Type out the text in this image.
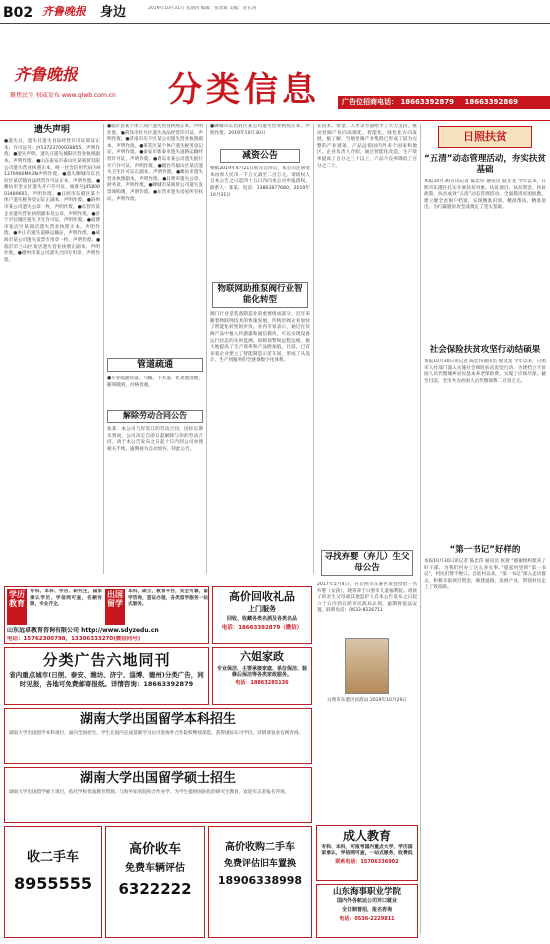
B02 齐鲁晚报 身边	2019年10月31日 星期四 编辑：张冰斌 美编：赵长涛
齐鲁晚报
聚焦民生 权威发布 www.qlwb.com.cn	分类信息	广告位招商电话： 18663392879 18663392869
遗失声明
●遗失日，遗失日遗失食品经营许可证原证正本，许可证号：JY13723700028855，声明作废。●遗失声明，遗失日遗失城阳区营业执照副本，声明作废。●山东泰安市泰山区某商贸有限公司遗失营业执照正本，统一社会信用代码为91370900MA3N声明作废。●遗失聊城市东昌府区某店铺食品经营许可证正本，声明作废。●潍坊市奎文区遗失开户许可证，核准号J4580003489601，声明作废。●日照市东港区某个体户遗失税务登记证正副本，声明作废。●滨州市某公司遗失公章一枚，声明作废。●东营市某企业遗失营业执照副本及公章，声明作废。●济宁市任城区遗失卫生许可证，声明作废。●淄博市张店区某商店遗失营业执照正本，声明作废。●枣庄市遗失道路运输证，声明作废。●威海市某公司遗失发票专用章一枚，声明作废。●临沂市兰山区某店遗失营业执照正副本，声明作废。●德州市某公司遗失合同专用章，声明作废。
●临沂县某个体工商户遗失营业执照正本，声明作废。●菏泽市牡丹区遗失食品经营许可证，声明作废。●济南市历下区某公司遗失营业执照副本，声明作废。●莱芜区某个体户遗失税务登记证，声明作废。●泰安市新泰市遗失道路运输经营许可证，声明作废。●青岛市某公司遗失银行开户许可证，声明作废。●烟台市福山区某店遗失卫生许可证正副本，声明作废。●潍坊市遗失营业执照副本，声明作废。●日照市遗失公章、财务章，声明作废。●聊城市某商贸公司遗失发票领购簿，声明作废。●东营市遗失房屋所有权证，声明作废。
管道疏通
●专业疏通管道、马桶、下水道、化粪池清理，随叫随到，价格优惠。
解除劳动合同公告
张某：本公司与你签订的劳动合同，因你长期未到岗，公司决定自即日起解除与你的劳动合同，请于本公告发布之日起十日内到公司办理相关手续，逾期视为自动放弃。特此公告。
●聊城市东昌府区某公司遗失营业执照正本，声明作废。2019年10月30日
减资公告
根据2019年4月21日股东会决议，本公司注册资本由原人民币一千万元减至二百万元，请债权人自本公告之日起四十五日内向本公司申报债权。联系人：某某，电话：13863877680。2019年10月31日
物联网助推泵阀行业智能化转型
阀门行业是装备制造业的重要组成部分，近年来随着物联网技术的快速发展，传统泵阀企业加快了智能化转型的步伐。业内专家表示，通过在泵阀产品中植入传感器和通信模块，可以实现设备运行状态的实时监测、故障预警和远程运维，极大地提高了生产效率和产品附加值。目前，已有多家企业建立了智能制造示范车间，形成了从设计、生产到服务的全链条数字化体系。
在技术、资金、人才等方面给予了大力支持，推动泵阀产业向高端化、智能化、绿色化方向发展。据了解，当地泵阀产业集群已形成了较为完整的产业链条，产品远销国内外多个国家和地区。企业负责人介绍，通过智能化改造，生产效率提高了百分之三十以上，产品不良率降低了百分之二十。
寻找弃婴（弃儿）生父母公告
2017年5月4日，在日照市东港区某处捡拾一名弃婴（女孩），现寄养于日照市儿童福利院。请孩子的亲生父母或其他监护人自本公告发布之日起六十日内到日照市民政局认领，逾期将依法安置。联系电话：0633-8226711
日照市东港区民政局 2019年10月29日
日照扶贫
“五清”动态管理活动，夯实扶贫基础
本报10月30日讯记者 陈忠伟 通讯员 殷文龙 今年以来，日照市东港区扎实开展扶贫对象、扶贫项目、扶贫资金、扶贫政策、扶贫成效“五清”动态管理活动，全面摸清贫困底数，建立健全贫困户档案，实现精准识别、精准帮扶、精准退出，为打赢脱贫攻坚战奠定了坚实基础。
社会保险扶贫攻坚行动结硕果
本报10月30日讯记者 陈忠伟通讯员 殷文龙 今年以来，日照市人社部门深入实施社会保险扶贫攻坚行动，为建档立卡贫困人员代缴城乡居民基本养老保险费，实现了应保尽保。截至目前，全市共为贫困人员代缴保费二百余万元。
“第一书记”好样的
本报10月30日讯记者 陈忠伟 通讯员 张倩 “感谢组织派来了好干部，为我们村办了这么多实事。”提起村里的“第一书记”，村民们赞不绝口。自驻村以来，“第一书记”深入走访群众，积极争取项目资金，修建道路、发展产业，带领村民走上了致富路。
学历教育
专科、本科、学历、研究生，国家承认学历，学信网可查，名额有限，专业齐全。
出国留学
本科、硕士、教育平台，安全可靠，留学咨询，签证办理，各类留学服务一站式服务。
山东远卓教育咨询有限公司 http://www.sdyzedu.cn
电话：15762300798，13306333270(微信同号)
高价回收礼品
上门服务
回收、收藏各类名酒及各类名品
电话：18663392879（微信）
分类广告六地同刊
省内重点城市(日照、泰安、潍坊、济宁、淄博、德州)分类广告，同时见报，各地可免费邮寄报纸。详情咨询：18663392879
六姐家政
专业保洁、主要承接家庭、单位保洁、装修后保洁等各类家政服务。
电话：18863285136
湖南大学出国留学本科招生
湖南大学出国留学本科项目，面向全国招生，学生在国内完成基础学习后可赴海外合作院校继续深造，获得国际认可学位。详情请登录官网咨询。
湖南大学出国留学硕士招生
湖南大学出国留学硕士项目，依托学校优质教育资源，与海外知名院校合作办学，为学生提供国际化的研究生教育，欢迎有志者报名咨询。
成人教育
专科、本科，可报考国内重点大学，学历国家承认，学信网可查，一站式服务，收费低
联系电话：15706336902
收二手车
8955555
高价收车
免费车辆评估
6322222
高价收购二手车
免费评估旧车置换
18906338998
山东海事职业学院
国内外各航运公司对口就业
全日制普招，报名咨询
电话：0536-2229811
